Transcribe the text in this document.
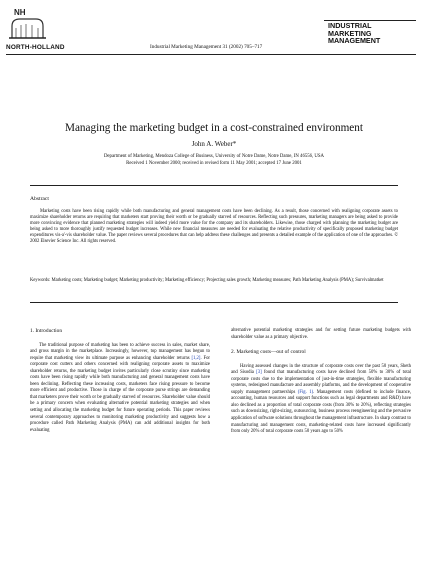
NH
NORTH-HOLLAND	Industrial Marketing Management 31 (2002) 705–717
INDUSTRIAL
MARKETING
MANAGEMENT
Managing the marketing budget in a cost-constrained environment
John A. Weber*
Department of Marketing, Mendoza College of Business, University of Notre Dame, Notre Dame, IN 46556, USA
Received 1 November 2000; received in revised form 11 May 2001; accepted 17 June 2001
Abstract
Marketing costs have been rising rapidly while both manufacturing and general management costs have been declining. As a result, those concerned with realigning corporate assets to maximize shareholder returns are requiring that marketers start proving their worth or be gradually starved of resources. Reflecting such pressures, marketing managers are being asked to provide more convincing evidence that planned marketing strategies will indeed yield more value for the company and its shareholders. Likewise, those charged with planning the marketing budget are being asked to more thoroughly justify requested budget increases. While new financial measures are needed for evaluating the relative productivity of specifically proposed marketing budget expenditures vis-a'-vis shareholder value. The paper reviews several procedures that can help address these challenges and presents a detailed example of the application of one of the approaches. © 2002 Elsevier Science Inc. All rights reserved.
Keywords: Marketing costs; Marketing budget; Marketing productivity; Marketing efficiency; Projecting sales growth; Marketing measures; Path Marketing Analysis (PMA); Survivalmatket
1. Introduction

The traditional purpose of marketing has been to achieve success in sales, market share, and gross margin in the marketplace. Increasingly, however, top management has begun to require that marketing view its ultimate purpose as enhancing shareholder returns [1,2]. For corporate cost cutters and others concerned with realigning corporate assets to maximize shareholder returns, the marketing budget invites particularly close scrutiny since marketing costs have been rising rapidly while both manufacturing and general management costs have been declining. Reflecting these increasing costs, marketers face rising pressure to become more efficient and productive. Those in charge of the corporate purse strings are demanding that marketers prove their worth or be gradually starved of resources. Shareholder value should be a primary concern when evaluating alternative potential marketing strategies and when setting and allocating the marketing budget for future operating periods. This paper reviews several contemporary approaches to monitoring marketing productivity and suggests how a procedure called Path Marketing Analysis (PMA) can add additional insights for both evaluating

alternative potential marketing strategies and for setting future marketing budgets with shareholder value as a primary objective.

2. Marketing costs—out of control

Having assessed changes in the structure of corporate costs over the past 50 years, Sheth and Sisodia [3] found that manufacturing costs have declined from 50% to 30% of total corporate costs due to the implementation of just-in-time strategies, flexible manufacturing systems, redesigned manufacture and assembly platforms, and the development of cooperative supply management partnerships (Fig. 1). Management costs (defined to include finance, accounting, human resources and support functions such as legal departments and R&D) have also declined as a proportion of total corporate costs (from 30% to 20%), reflecting strategies such as downsizing, right-sizing, outsourcing, business process reengineering and the pervasive application of software solutions throughout the management infrastructure. In sharp contrast to manufacturing and management costs, marketing-related costs have increased significantly from only 20% of total corporate costs 50 years ago to 50%
